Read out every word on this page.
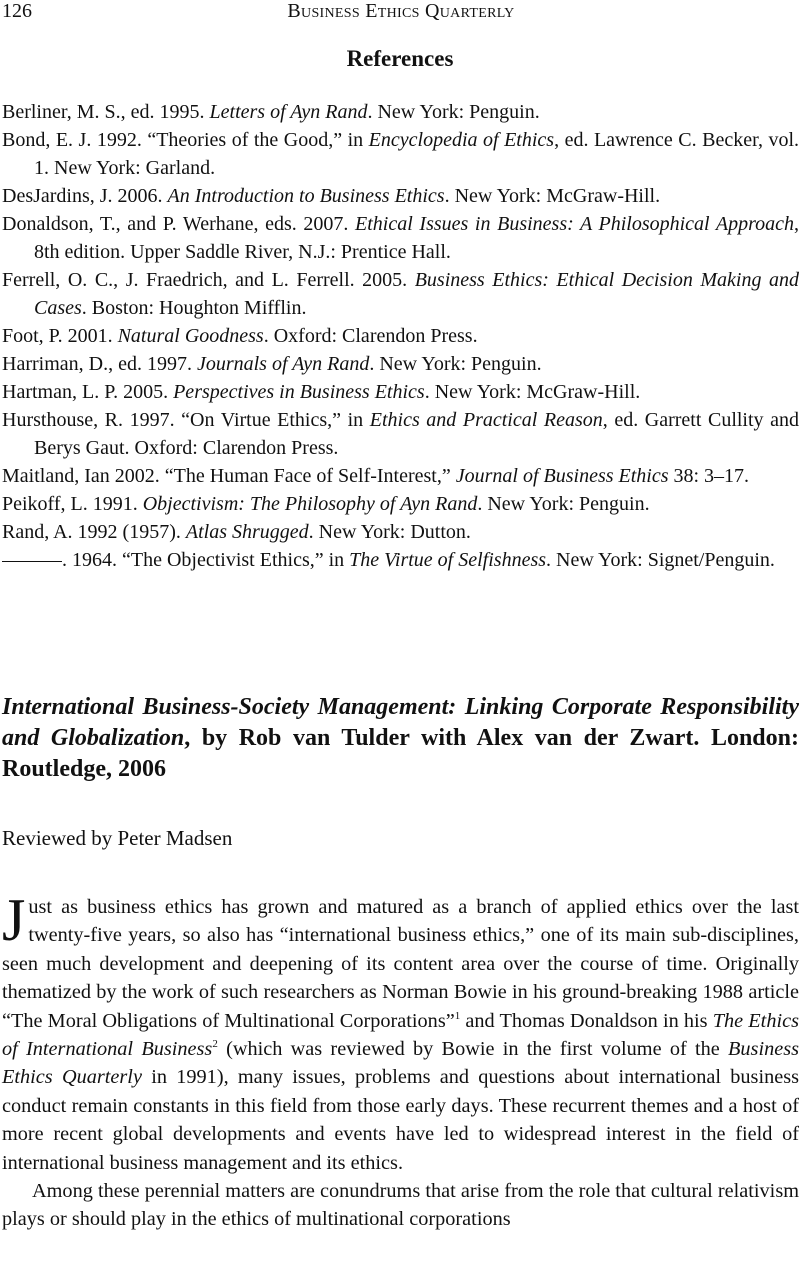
126	Business Ethics Quarterly
References

Berliner, M. S., ed. 1995. Letters of Ayn Rand. New York: Penguin.

Bond, E. J. 1992. “Theories of the Good,” in Encyclopedia of Ethics, ed. Lawrence C. Becker, vol. 1. New York: Garland.

DesJardins, J. 2006. An Introduction to Business Ethics. New York: McGraw-Hill.

Donaldson, T., and P. Werhane, eds. 2007. Ethical Issues in Business: A Philosophical Approach, 8th edition. Upper Saddle River, N.J.: Prentice Hall.

Ferrell, O. C., J. Fraedrich, and L. Ferrell. 2005. Business Ethics: Ethical Decision Making and Cases. Boston: Houghton Mifflin.

Foot, P. 2001. Natural Goodness. Oxford: Clarendon Press.

Harriman, D., ed. 1997. Journals of Ayn Rand. New York: Penguin.

Hartman, L. P. 2005. Perspectives in Business Ethics. New York: McGraw-Hill.

Hursthouse, R. 1997. “On Virtue Ethics,” in Ethics and Practical Reason, ed. Garrett Cullity and Berys Gaut. Oxford: Clarendon Press.

Maitland, Ian 2002. “The Human Face of Self-Interest,” Journal of Business Ethics 38: 3–17.

Peikoff, L. 1991. Objectivism: The Philosophy of Ayn Rand. New York: Penguin.

Rand, A. 1992 (1957). Atlas Shrugged. New York: Dutton.

. 1964. “The Objectivist Ethics,” in The Virtue of Selfishness. New York: Signet/Penguin.

International Business-Society Management: Linking Corporate Responsibility and Globalization, by Rob van Tulder with Alex van der Zwart. London: Routledge, 2006
Reviewed by Peter Madsen

Just as business ethics has grown and matured as a branch of applied ethics over the last twenty-five years, so also has “international business ethics,” one of its main sub-disciplines, seen much development and deepening of its content area over the course of time. Originally thematized by the work of such researchers as Norman Bowie in his ground-breaking 1988 article “The Moral Obligations of Multinational Corporations”$^1$ and Thomas Donaldson in his The Ethics of International Business$^2$ (which was reviewed by Bowie in the first volume of the Business Ethics Quarterly in 1991), many issues, problems and questions about international business conduct remain constants in this field from those early days. These recurrent themes and a host of more recent global developments and events have led to widespread interest in the field of international business management and its ethics.

Among these perennial matters are conundrums that arise from the role that cultural relativism plays or should play in the ethics of multinational corporations
